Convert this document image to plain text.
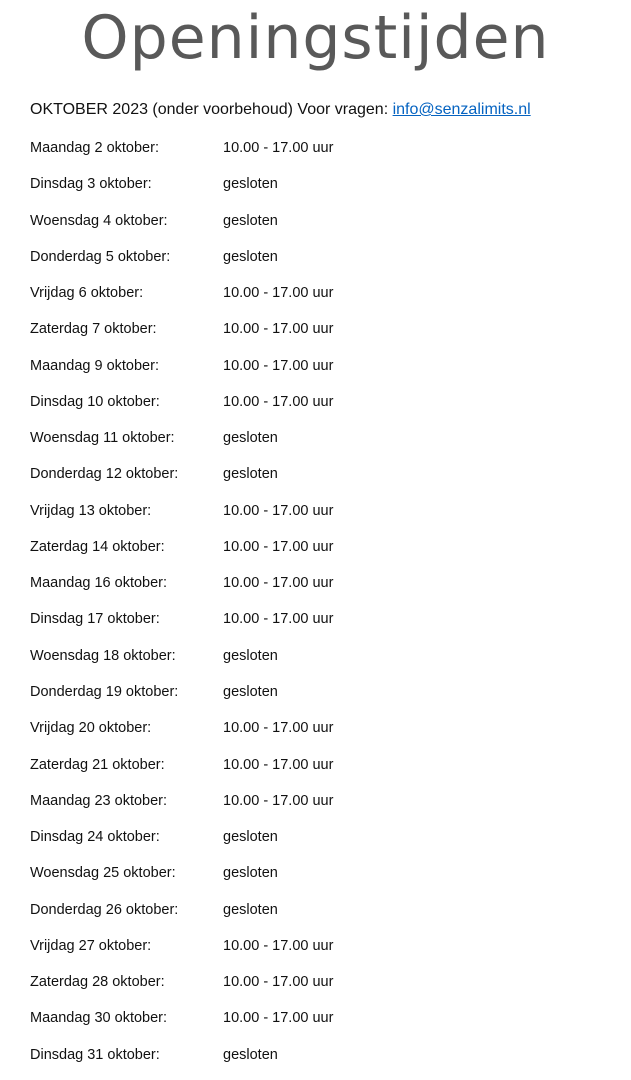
Openingstijden
OKTOBER 2023 (onder voorbehoud) Voor vragen: info@senzalimits.nl
Maandag 2 oktober:	10.00 - 17.00 uur
Dinsdag 3 oktober:	gesloten
Woensdag 4 oktober:	gesloten
Donderdag 5 oktober:	gesloten
Vrijdag 6 oktober:	10.00 - 17.00 uur
Zaterdag 7 oktober:	10.00 - 17.00 uur
Maandag 9 oktober:	10.00 - 17.00 uur
Dinsdag 10 oktober:	10.00 - 17.00 uur
Woensdag 11 oktober:	gesloten
Donderdag 12 oktober:	gesloten
Vrijdag 13 oktober:	10.00 - 17.00 uur
Zaterdag 14 oktober:	10.00 - 17.00 uur
Maandag 16 oktober:	10.00 - 17.00 uur
Dinsdag 17 oktober:	10.00 - 17.00 uur
Woensdag 18 oktober:	gesloten
Donderdag 19 oktober:	gesloten
Vrijdag 20 oktober:	10.00 - 17.00 uur
Zaterdag 21 oktober:	10.00 - 17.00 uur
Maandag 23 oktober:	10.00 - 17.00 uur
Dinsdag 24 oktober:	gesloten
Woensdag 25 oktober:	gesloten
Donderdag 26 oktober:	gesloten
Vrijdag 27 oktober:	10.00 - 17.00 uur
Zaterdag 28 oktober:	10.00 - 17.00 uur
Maandag 30 oktober:	10.00 - 17.00 uur
Dinsdag 31 oktober:	gesloten
